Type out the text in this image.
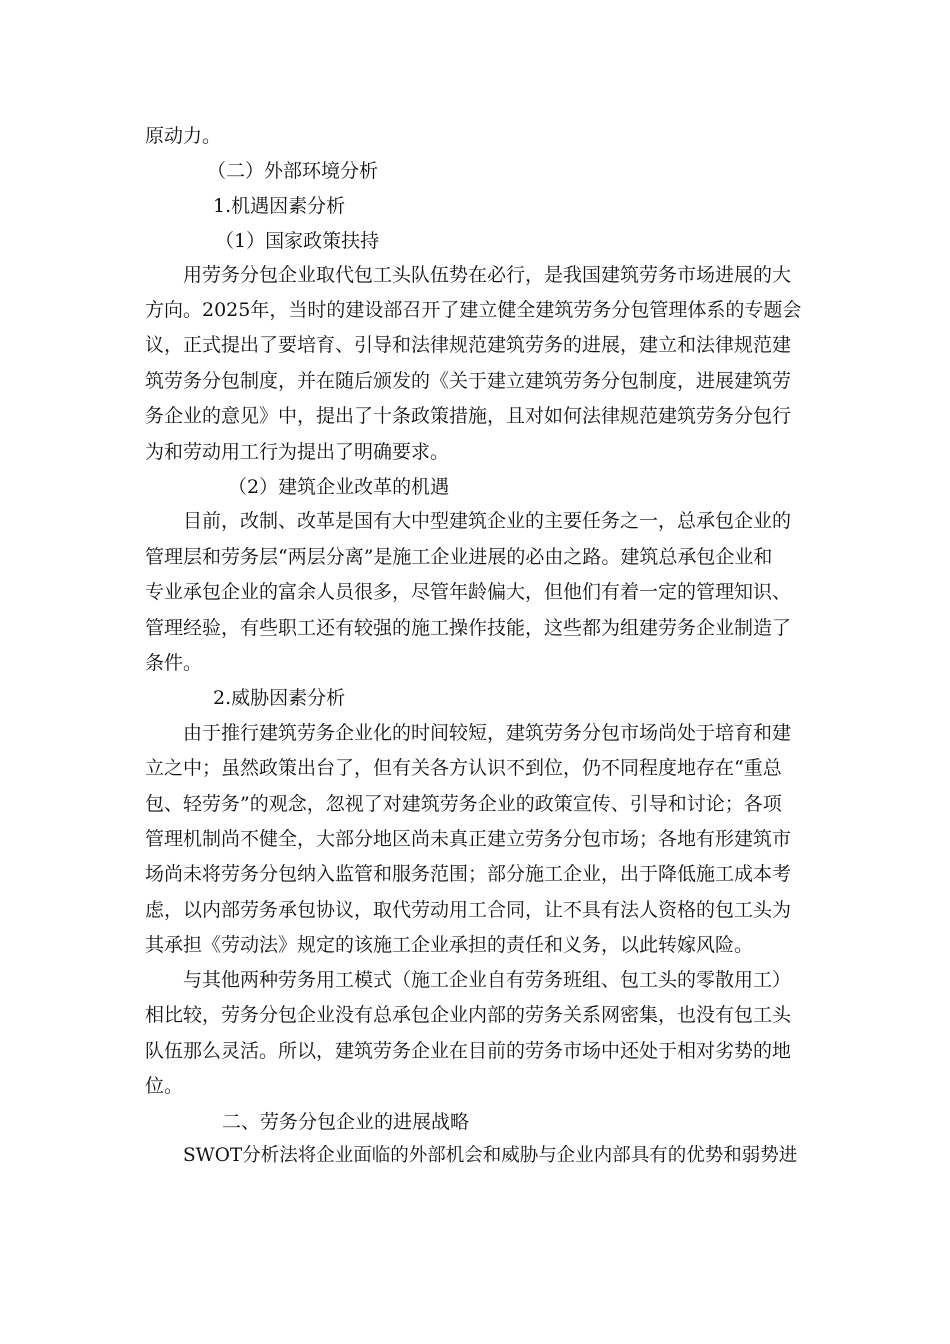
原动力。

（二）外部环境分析

1.机遇因素分析

（1）国家政策扶持

用劳务分包企业取代包工头队伍势在必行，是我国建筑劳务市场进展的大

方向。2025年，当时的建设部召开了建立健全建筑劳务分包管理体系的专题会

议，正式提出了要培育、引导和法律规范建筑劳务的进展，建立和法律规范建

筑劳务分包制度，并在随后颁发的《关于建立建筑劳务分包制度，进展建筑劳

务企业的意见》中，提出了十条政策措施，且对如何法律规范建筑劳务分包行

为和劳动用工行为提出了明确要求。

（2）建筑企业改革的机遇

目前，改制、改革是国有大中型建筑企业的主要任务之一，总承包企业的

管理层和劳务层“两层分离”是施工企业进展的必由之路。建筑总承包企业和

专业承包企业的富余人员很多，尽管年龄偏大，但他们有着一定的管理知识、

管理经验，有些职工还有较强的施工操作技能，这些都为组建劳务企业制造了

条件。

2.威胁因素分析

由于推行建筑劳务企业化的时间较短，建筑劳务分包市场尚处于培育和建

立之中；虽然政策出台了，但有关各方认识不到位，仍不同程度地存在“重总

包、轻劳务”的观念，忽视了对建筑劳务企业的政策宣传、引导和讨论；各项

管理机制尚不健全，大部分地区尚未真正建立劳务分包市场；各地有形建筑市

场尚未将劳务分包纳入监管和服务范围；部分施工企业，出于降低施工成本考

虑，以内部劳务承包协议，取代劳动用工合同，让不具有法人资格的包工头为

其承担《劳动法》规定的该施工企业承担的责任和义务，以此转嫁风险。

与其他两种劳务用工模式（施工企业自有劳务班组、包工头的零散用工）

相比较，劳务分包企业没有总承包企业内部的劳务关系网密集，也没有包工头

队伍那么灵活。所以，建筑劳务企业在目前的劳务市场中还处于相对劣势的地

位。

二、劳务分包企业的进展战略

SWOT分析法将企业面临的外部机会和威胁与企业内部具有的优势和弱势进
